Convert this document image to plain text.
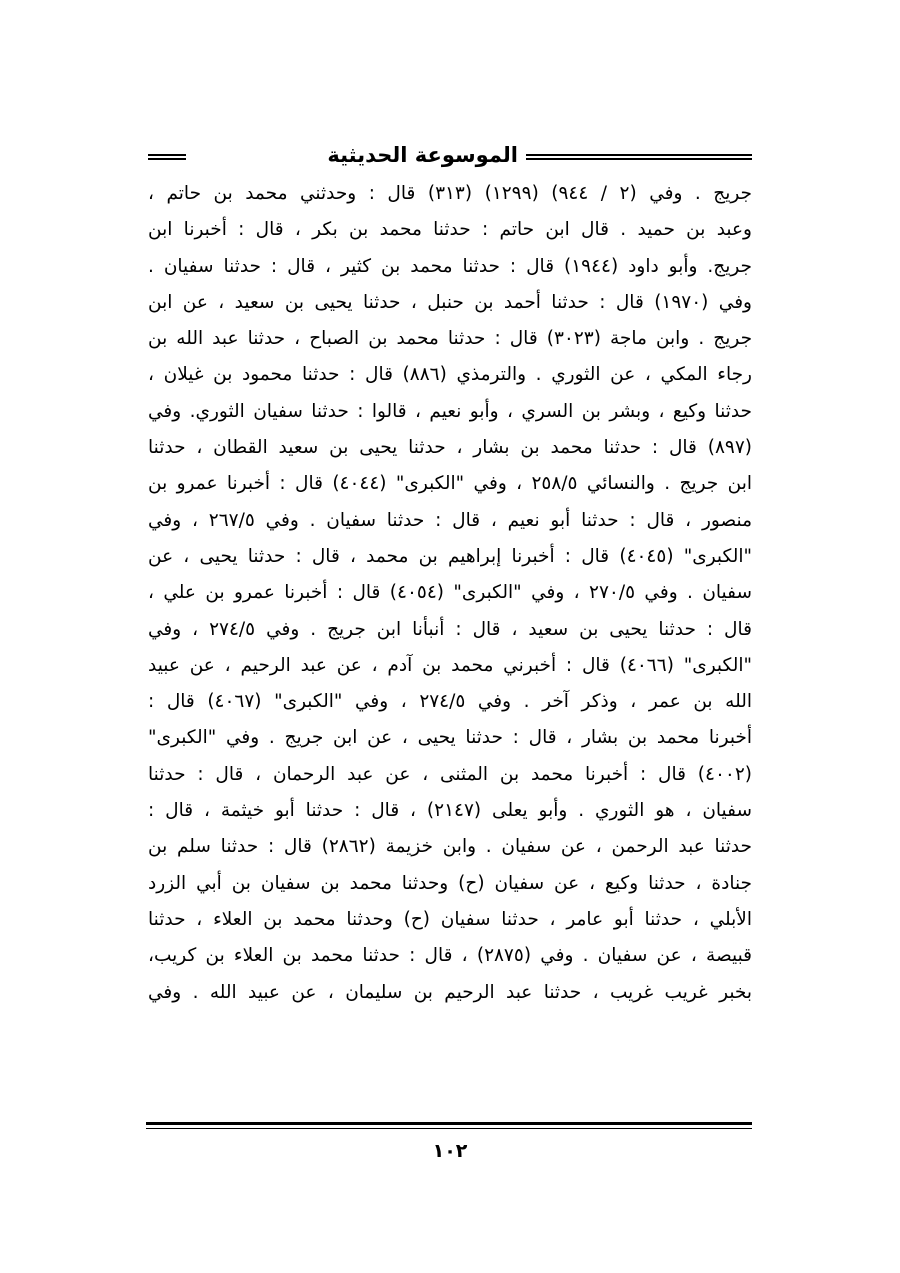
الموسوعة الحديثية
جريج . وفي (٢ / ٩٤٤) (١٢٩٩) (٣١٣) قال : وحدثني محمد بن حاتم ،
وعبد بن حميد . قال ابن حاتم : حدثنا محمد بن بكر ، قال : أخبرنا ابن
جريج. وأبو داود (١٩٤٤) قال : حدثنا محمد بن كثير ، قال : حدثنا سفيان .
وفي (١٩٧٠) قال : حدثنا أحمد بن حنبل ، حدثنا يحيى بن سعيد ، عن ابن
جريج . وابن ماجة (٣٠٢٣) قال : حدثنا محمد بن الصباح ، حدثنا عبد الله بن
رجاء المكي ، عن الثوري . والترمذي (٨٨٦) قال : حدثنا محمود بن غيلان ،
حدثنا وكيع ، وبشر بن السري ، وأبو نعيم ، قالوا : حدثنا سفيان الثوري. وفي
(٨٩٧) قال : حدثنا محمد بن بشار ، حدثنا يحيى بن سعيد القطان ، حدثنا
ابن جريج . والنسائي ٢٥٨/٥ ، وفي "الكبرى" (٤٠٤٤) قال : أخبرنا عمرو بن
منصور ، قال : حدثنا أبو نعيم ، قال : حدثنا سفيان . وفي ٢٦٧/٥ ، وفي
"الكبرى" (٤٠٤٥) قال : أخبرنا إبراهيم بن محمد ، قال : حدثنا يحيى ، عن
سفيان . وفي ٢٧٠/٥ ، وفي "الكبرى" (٤٠٥٤) قال : أخبرنا عمرو بن علي ،
قال : حدثنا يحيى بن سعيد ، قال : أنبأنا ابن جريج . وفي ٢٧٤/٥ ، وفي
"الكبرى" (٤٠٦٦) قال : أخبرني محمد بن آدم ، عن عبد الرحيم ، عن عبيد
الله بن عمر ، وذكر آخر . وفي ٢٧٤/٥ ، وفي "الكبرى" (٤٠٦٧) قال :
أخبرنا محمد بن بشار ، قال : حدثنا يحيى ، عن ابن جريج . وفي "الكبرى"
(٤٠٠٢) قال : أخبرنا محمد بن المثنى ، عن عبد الرحمان ، قال : حدثنا
سفيان ، هو الثوري . وأبو يعلى (٢١٤٧) ، قال : حدثنا أبو خيثمة ، قال :
حدثنا عبد الرحمن ، عن سفيان . وابن خزيمة (٢٨٦٢) قال : حدثنا سلم بن
جنادة ، حدثنا وكيع ، عن سفيان (ح) وحدثنا محمد بن سفيان بن أبي الزرد
الأبلي ، حدثنا أبو عامر ، حدثنا سفيان (ح) وحدثنا محمد بن العلاء ، حدثنا
قبيصة ، عن سفيان . وفي (٢٨٧٥) ، قال : حدثنا محمد بن العلاء بن كريب،
بخبر غريب غريب ، حدثنا عبد الرحيم بن سليمان ، عن عبيد الله . وفي
١٠٢
